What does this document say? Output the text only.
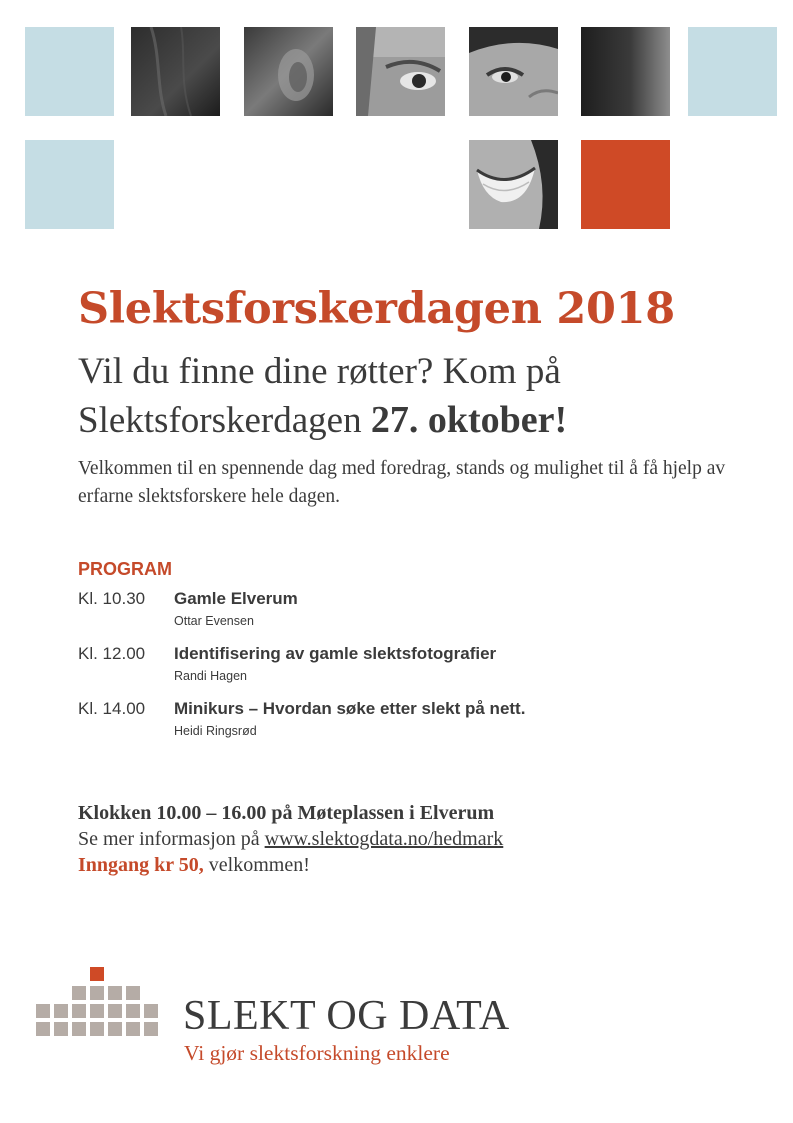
Slektsforskerdagen 2018
Vil du finne dine røtter? Kom på
Slektsforskerdagen 27. oktober!

Velkommen til en spennende dag med foredrag, stands og mulighet til å få hjelp av erfarne slektsforskere hele dagen.

PROGRAM
Kl. 10.30 Gamle Elverum
Ottar Evensen
Kl. 12.00 Identifisering av gamle slektsfotografier
Randi Hagen
Kl. 14.00 Minikurs – Hvordan søke etter slekt på nett.
Heidi Ringsrød
Klokken 10.00 – 16.00 på Møteplassen i Elverum
Se mer informasjon på www.slektogdata.no/hedmark
Inngang kr 50, velkommen!
SLEKT OG DATA
Vi gjør slektsforskning enklere
